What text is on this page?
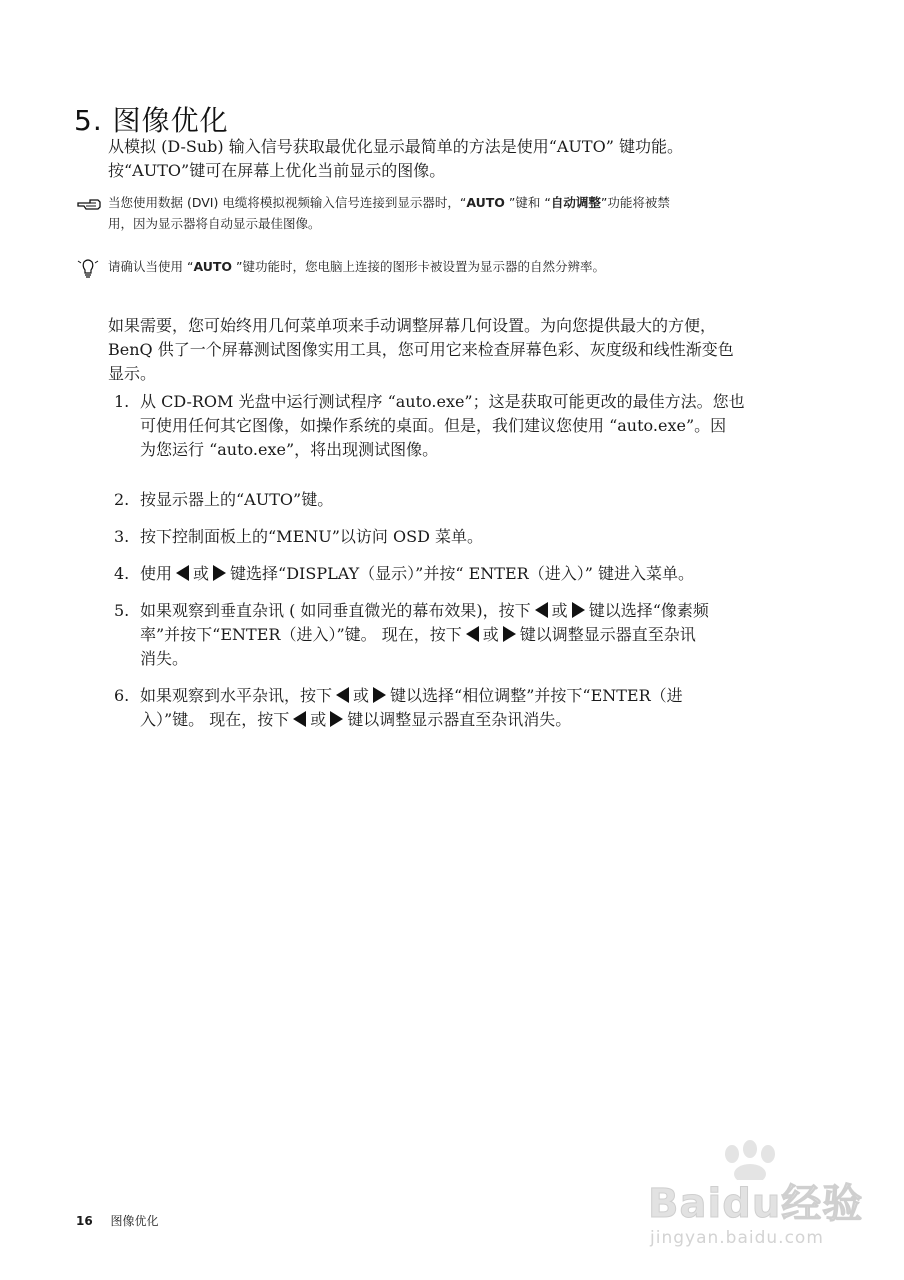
5. 图像优化
从模拟 (D-Sub) 输入信号获取最优化显示最简单的方法是使用“AUTO” 键功能。
按“AUTO”键可在屏幕上优化当前显示的图像。
当您使用数据 (DVI) 电缆将模拟视频输入信号连接到显示器时，“AUTO ”键和 “自动调整”功能将被禁
用，因为显示器将自动显示最佳图像。
请确认当使用 “AUTO ”键功能时，您电脑上连接的图形卡被设置为显示器的自然分辨率。
如果需要，您可始终用几何菜单项来手动调整屏幕几何设置。为向您提供最大的方便，
BenQ 供了一个屏幕测试图像实用工具，您可用它来检查屏幕色彩、灰度级和线性渐变色
显示。
1. 从 CD-ROM 光盘中运行测试程序 “auto.exe”；这是获取可能更改的最佳方法。您也
可使用任何其它图像，如操作系统的桌面。但是，我们建议您使用 “auto.exe”。因
为您运行 “auto.exe”，将出现测试图像。
2. 按显示器上的“AUTO”键。
3. 按下控制面板上的“MENU”以访问 OSD 菜单。
4. 使用 或 键选择“DISPLAY（显示）”并按“ ENTER（进入）” 键进入菜单。
5. 如果观察到垂直杂讯 ( 如同垂直微光的幕布效果)，按下 或 键以选择“像素频
率”并按下“ENTER（进入）”键。 现在，按下 或 键以调整显示器直至杂讯
消失。
6. 如果观察到水平杂讯，按下 或 键以选择“相位调整”并按下“ENTER（进
入）”键。 现在，按下 或 键以调整显示器直至杂讯消失。
16 图像优化	Baidu经验
jingyan.baidu.com
